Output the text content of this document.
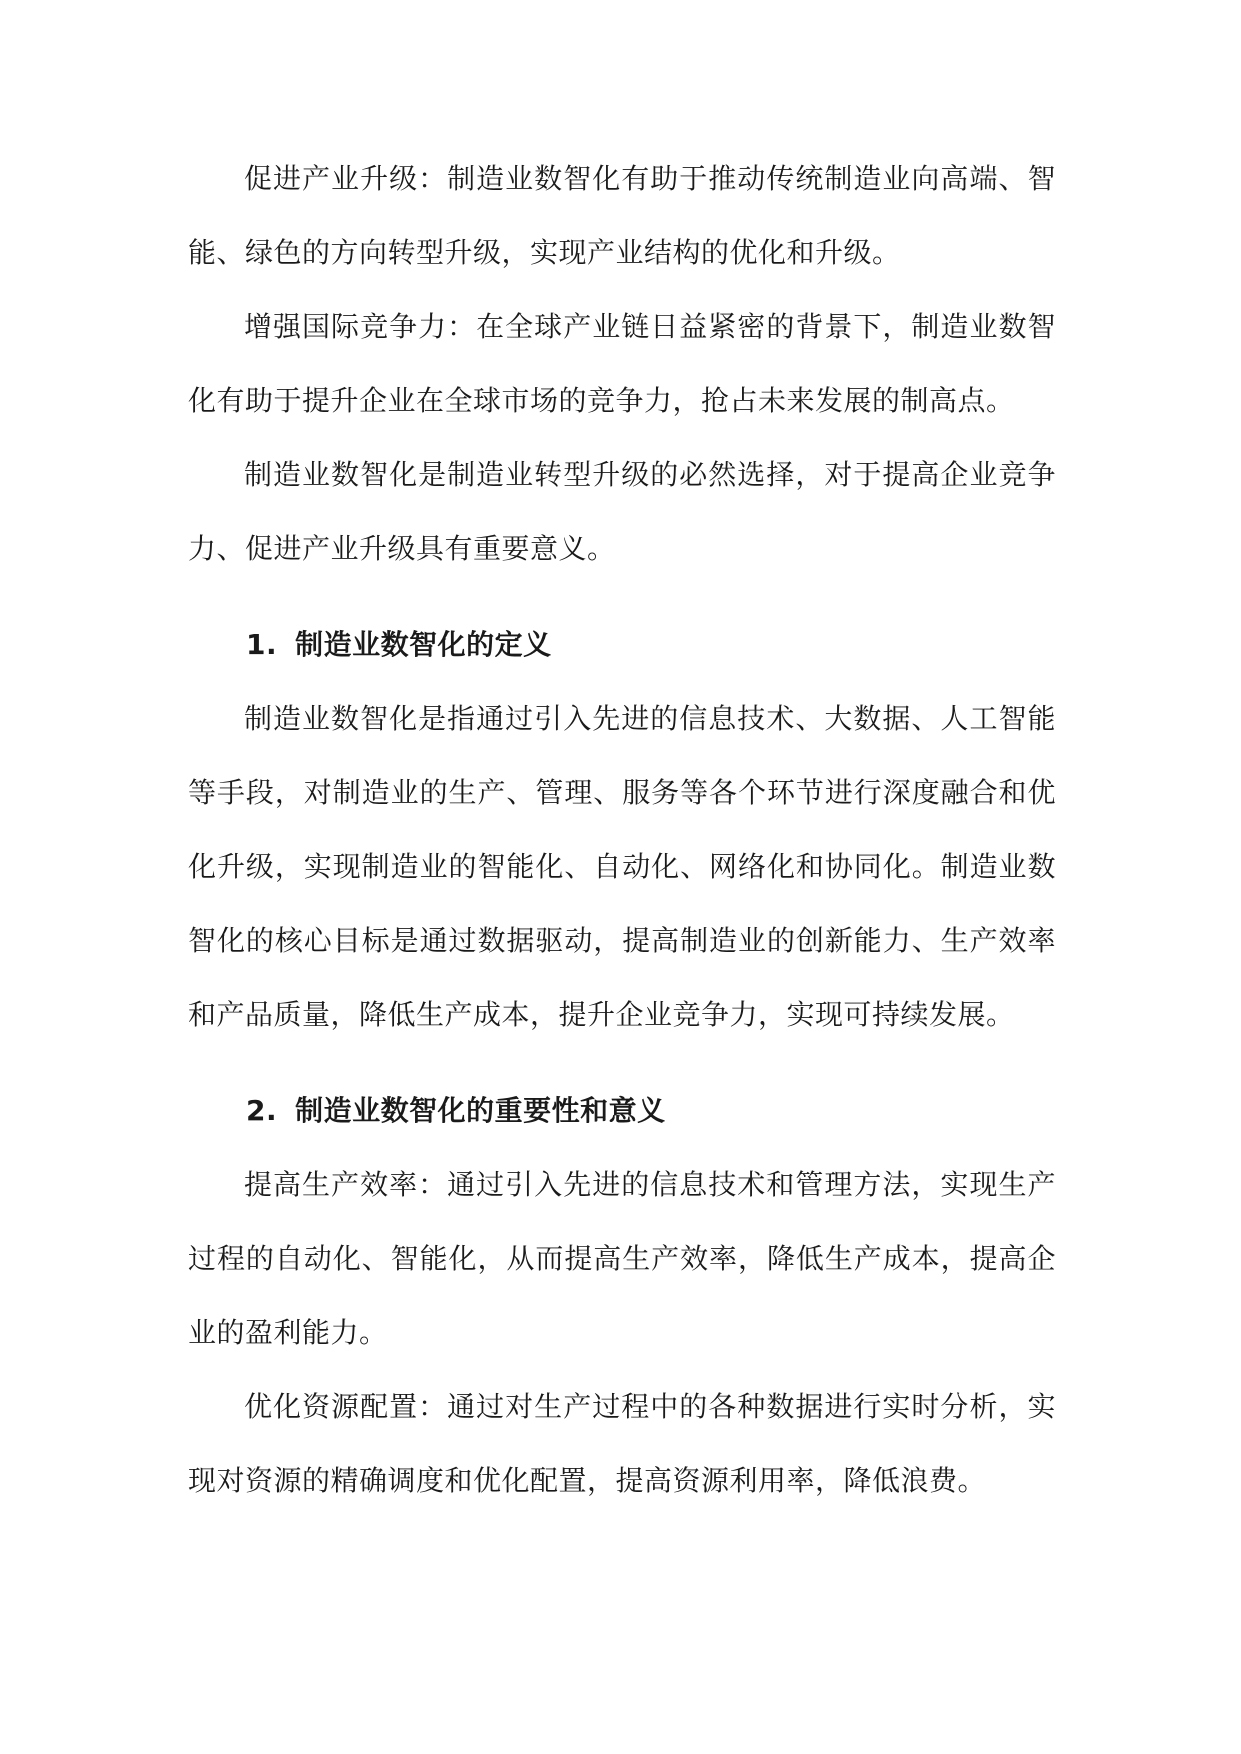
促进产业升级：制造业数智化有助于推动传统制造业向高端、智能、绿色的方向转型升级，实现产业结构的优化和升级。

增强国际竞争力：在全球产业链日益紧密的背景下，制造业数智化有助于提升企业在全球市场的竞争力，抢占未来发展的制高点。

制造业数智化是制造业转型升级的必然选择，对于提高企业竞争力、促进产业升级具有重要意义。

1. 制造业数智化的定义

制造业数智化是指通过引入先进的信息技术、大数据、人工智能等手段，对制造业的生产、管理、服务等各个环节进行深度融合和优化升级，实现制造业的智能化、自动化、网络化和协同化。制造业数智化的核心目标是通过数据驱动，提高制造业的创新能力、生产效率和产品质量，降低生产成本，提升企业竞争力，实现可持续发展。

2. 制造业数智化的重要性和意义

提高生产效率：通过引入先进的信息技术和管理方法，实现生产过程的自动化、智能化，从而提高生产效率，降低生产成本，提高企业的盈利能力。

优化资源配置：通过对生产过程中的各种数据进行实时分析，实现对资源的精确调度和优化配置，提高资源利用率，降低浪费。
